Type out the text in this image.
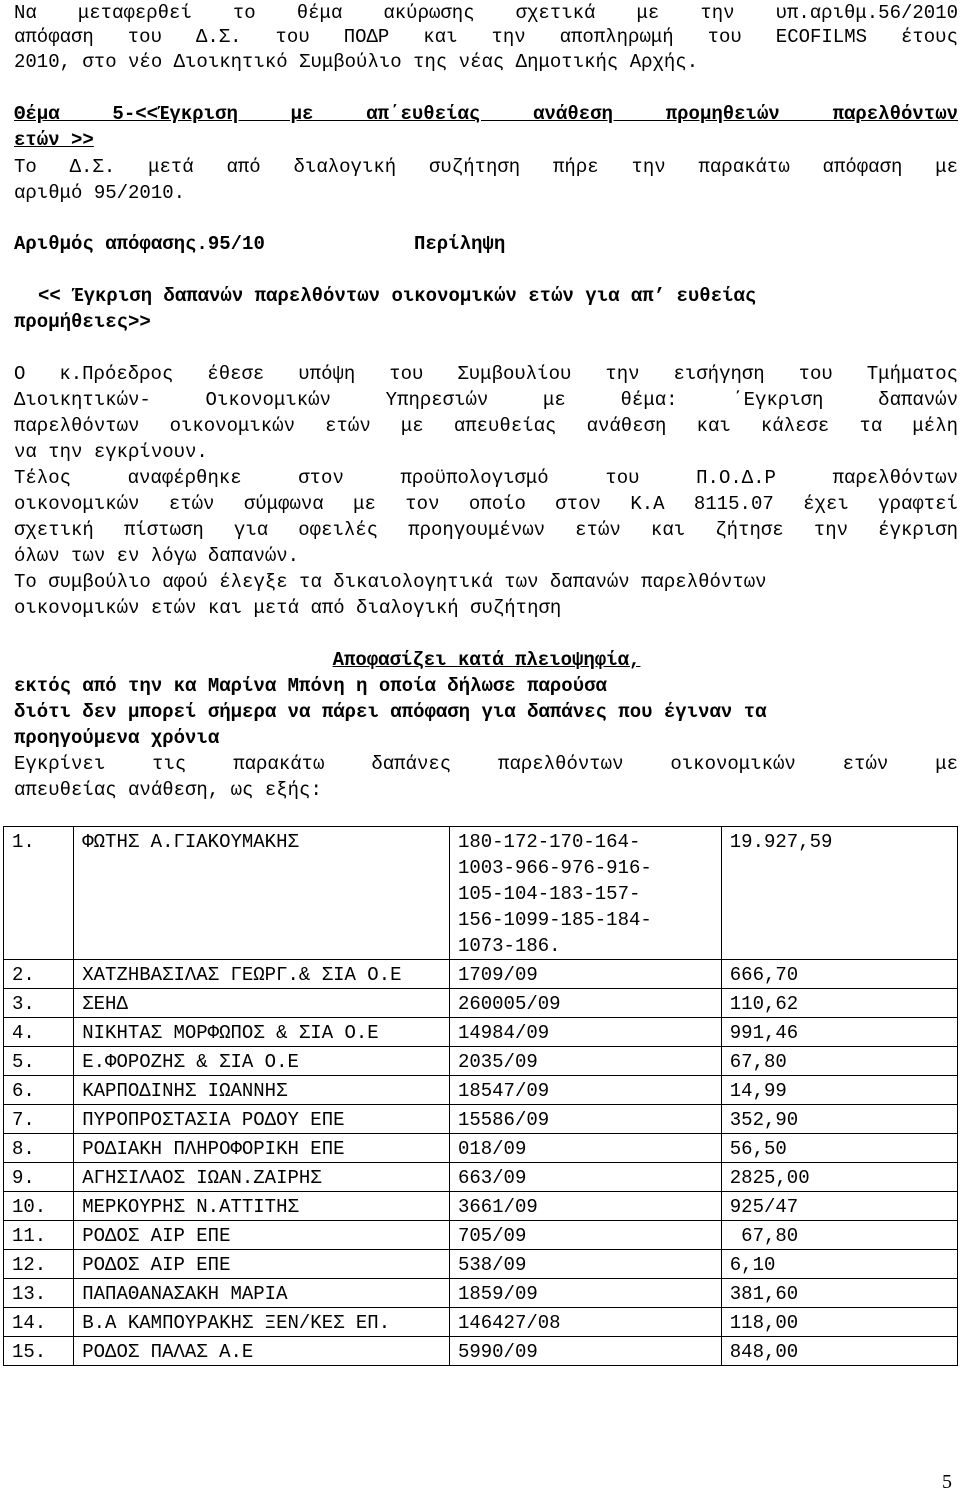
Να μεταφερθεί το θέμα ακύρωσης σχετικά με την υπ.αριθμ.56/2010
απόφαση του Δ.Σ. του ΠΟΔΡ και την αποπληρωμή του ECOFILMS έτους
2010, στο νέο Διοικητικό Συμβούλιο της νέας Δημοτικής Αρχής.
Θέμα 5-<<Έγκριση με απ΄ευθείας ανάθεση προμηθειών παρελθόντων
ετών >>
Το Δ.Σ. μετά από διαλογική συζήτηση πήρε την παρακάτω απόφαση με
αριθμό 95/2010.
Αριθμός απόφασης.95/10	Περίληψη
<< Έγκριση δαπανών παρελθόντων οικονομικών ετών για απ’ ευθείας
προμήθειες>>
Ο κ.Πρόεδρος έθεσε υπόψη του Συμβουλίου την εισήγηση του Τμήματος
Διοικητικών- Οικονομικών Υπηρεσιών με θέμα: ΄Εγκριση δαπανών
παρελθόντων οικονομικών ετών με απευθείας ανάθεση και κάλεσε τα μέλη
να την εγκρίνουν.
Τέλος αναφέρθηκε στον προϋπολογισμό του Π.Ο.Δ.Ρ παρελθόντων
οικονομικών ετών σύμφωνα με τον οποίο στον Κ.Α 8115.07 έχει γραφτεί
σχετική πίστωση για οφειλές προηγουμένων ετών και ζήτησε την έγκριση
όλων των εν λόγω δαπανών.
Το συμβούλιο αφού έλεγξε τα δικαιολογητικά των δαπανών παρελθόντων
οικονομικών ετών και μετά από διαλογική συζήτηση
Αποφασίζει κατά πλειοψηφία,
εκτός από την κα Μαρίνα Μπόνη η οποία δήλωσε παρούσα
διότι δεν μπορεί σήμερα να πάρει απόφαση για δαπάνες που έγιναν τα
προηγούμενα χρόνια
Εγκρίνει τις παρακάτω δαπάνες παρελθόντων οικονομικών ετών με
απευθείας ανάθεση, ως εξής:
1.	ΦΩΤΗΣ Α.ΓΙΑΚΟΥΜΑΚΗΣ	180-172-170-164-
1003-966-976-916-
105-104-183-157-
156-1099-185-184-
1073-186.	19.927,59
2.	ΧΑΤΖΗΒΑΣΙΛΑΣ ΓΕΩΡΓ.& ΣΙΑ Ο.Ε	1709/09	666,70
3.	ΣΕΗΔ	260005/09	110,62
4.	ΝΙΚΗΤΑΣ ΜΟΡΦΩΠΟΣ & ΣΙΑ Ο.Ε	14984/09	991,46
5.	Ε.ΦΟΡΟΖΗΣ & ΣΙΑ Ο.Ε	2035/09	67,80
6.	ΚΑΡΠΟΔΙΝΗΣ ΙΩΑΝΝΗΣ	18547/09	14,99
7.	ΠΥΡΟΠΡΟΣΤΑΣΙΑ ΡΟΔΟΥ ΕΠΕ	15586/09	352,90
8.	ΡΟΔΙΑΚΗ ΠΛΗΡΟΦΟΡΙΚΗ ΕΠΕ	018/09	56,50
9.	ΑΓΗΣΙΛΑΟΣ ΙΩΑΝ.ΖΑΙΡΗΣ	663/09	2825,00
10.	ΜΕΡΚΟΥΡΗΣ Ν.ΑΤΤΙΤΗΣ	3661/09	925/47
11.	ΡΟΔΟΣ ΑΙΡ ΕΠΕ	705/09	67,80
12.	ΡΟΔΟΣ ΑΙΡ ΕΠΕ	538/09	6,10
13.	ΠΑΠΑΘΑΝΑΣΑΚΗ ΜΑΡΙΑ	1859/09	381,60
14.	Β.Α ΚΑΜΠΟΥΡΑΚΗΣ ΞΕΝ/ΚΕΣ ΕΠ.	146427/08	118,00
15.	ΡΟΔΟΣ ΠΑΛΑΣ Α.Ε	5990/09	848,00
5
